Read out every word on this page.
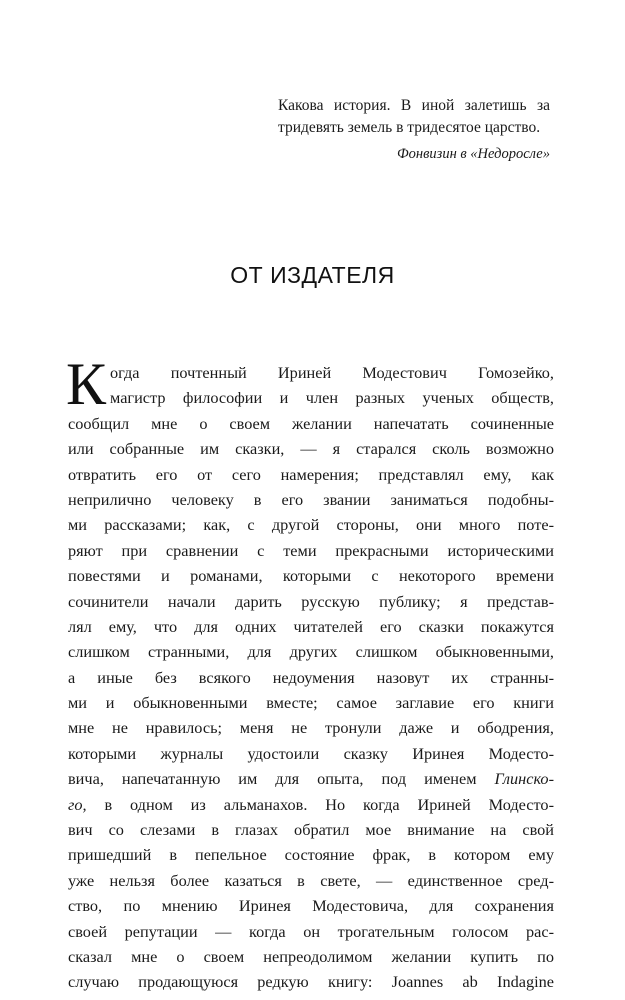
Какова история. В иной залетишь за
тридевять земель в тридесятое царство.
Фонвизин в «Недоросле»
ОТ ИЗДАТЕЛЯ
К огда почтенный Ириней Модестович Гомозейко,
магистр философии и член разных ученых обществ,
сообщил мне о своем желании напечатать сочиненные
или собранные им сказки, — я старался сколь возможно
отвратить его от сего намерения; представлял ему, как
неприлично человеку в его звании заниматься подобны-
ми рассказами; как, с другой стороны, они много поте-
ряют при сравнении с теми прекрасными историческими
повестями и романами, которыми с некоторого времени
сочинители начали дарить русскую публику; я представ-
лял ему, что для одних читателей его сказки покажутся
слишком странными, для других слишком обыкновенными,
а иные без всякого недоумения назовут их странны-
ми и обыкновенными вместе; самое заглавие его книги
мне не нравилось; меня не тронули даже и ободрения,
которыми журналы удостоили сказку Иринея Модесто-
вича, напечатанную им для опыта, под именем Глинско-
го, в одном из альманахов. Но когда Ириней Модесто-
вич со слезами в глазах обратил мое внимание на свой
пришедший в пепельное состояние фрак, в котором ему
уже нельзя более казаться в свете, — единственное сред-
ство, по мнению Иринея Модестовича, для сохранения
своей репутации — когда он трогательным голосом рас-
сказал мне о своем непреодолимом желании купить по
случаю продающуюся редкую книгу: Joannes ab Indagine
